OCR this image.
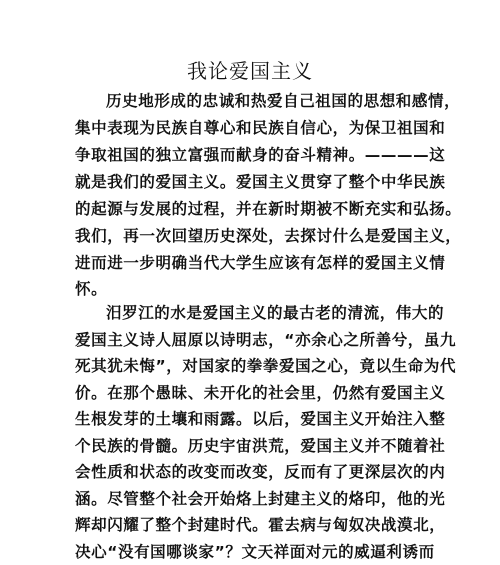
我论爱国主义
历史地形成的忠诚和热爱自己祖国的思想和感情，
集中表现为民族自尊心和民族自信心，为保卫祖国和
争取祖国的独立富强而献身的奋斗精神。————这
就是我们的爱国主义。爱国主义贯穿了整个中华民族
的起源与发展的过程，并在新时期被不断充实和弘扬。
我们，再一次回望历史深处，去探讨什么是爱国主义，
进而进一步明确当代大学生应该有怎样的爱国主义情
怀。
汨罗江的水是爱国主义的最古老的清流，伟大的
爱国主义诗人屈原以诗明志，“亦余心之所善兮，虽九
死其犹未悔”，对国家的拳拳爱国之心，竟以生命为代
价。在那个愚昧、未开化的社会里，仍然有爱国主义
生根发芽的土壤和雨露。以后，爱国主义开始注入整
个民族的骨髓。历史宇宙洪荒，爱国主义并不随着社
会性质和状态的改变而改变，反而有了更深层次的内
涵。尽管整个社会开始烙上封建主义的烙印，他的光
辉却闪耀了整个封建时代。霍去病与匈奴决战漠北，
决心“没有国哪谈家”？文天祥面对元的威逼利诱而
